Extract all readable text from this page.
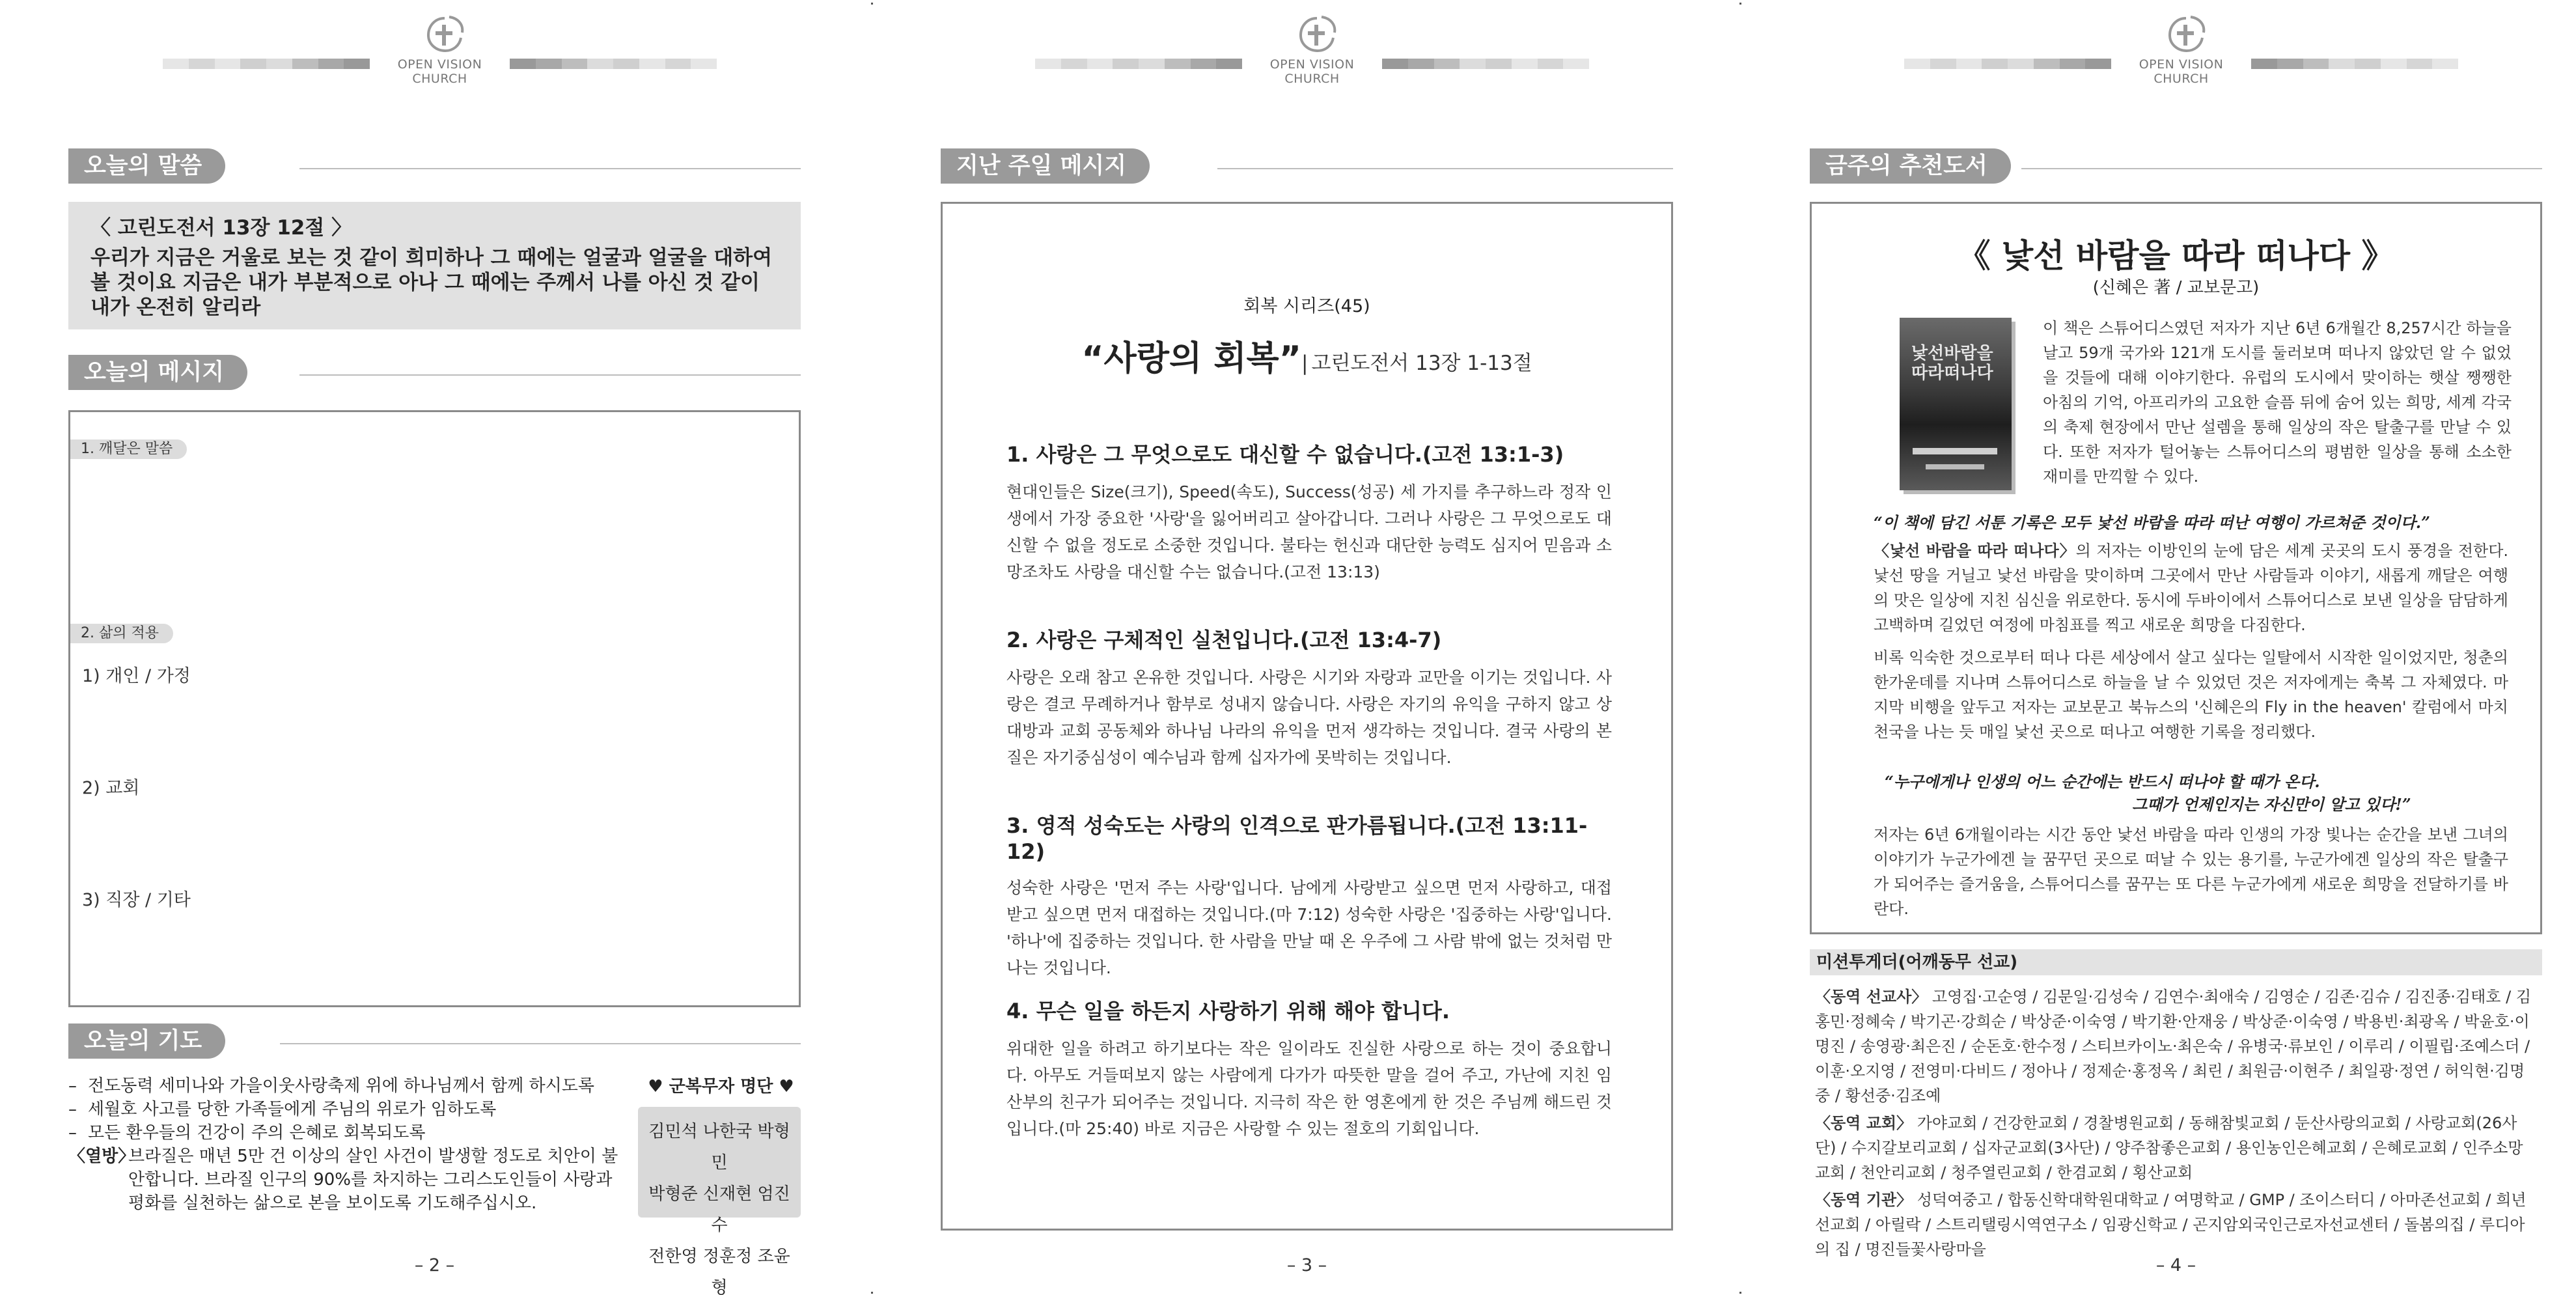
OPEN VISION CHURCH
오늘의 말씀
〈 고린도전서 13장 12절 〉
우리가 지금은 거울로 보는 것 같이 희미하나 그 때에는 얼굴과 얼굴을 대하여
볼 것이요 지금은 내가 부분적으로 아나 그 때에는 주께서 나를 아신 것 같이
내가 온전히 알리라
오늘의 메시지
1. 깨달은 말씀
2. 삶의 적용
1) 개인 / 가정
2) 교회
3) 직장 / 기타
오늘의 기도
– 전도동력 세미나와 가을이웃사랑축제 위에 하나님께서 함께 하시도록
– 세월호 사고를 당한 가족들에게 주님의 위로가 임하도록
– 모든 환우들의 건강이 주의 은혜로 회복되도록
〈열방〉
브라질은 매년 5만 건 이상의 살인 사건이 발생할 정도로 치안이 불안합니다. 브라질 인구의 90%를 차지하는 그리스도인들이 사랑과 평화를 실천하는 삶으로 본을 보이도록 기도해주십시오.
♥ 군복무자 명단 ♥
김민석 나한국 박형민
박형준 신재현 엄진수
전한영 정훈정 조윤형
– 2 –
OPEN VISION CHURCH
지난 주일 메시지
회복 시리즈(45)
“사랑의 회복”| 고린도전서 13장 1-13절
1. 사랑은 그 무엇으로도 대신할 수 없습니다.(고전 13:1-3)

현대인들은 Size(크기), Speed(속도), Success(성공) 세 가지를 추구하느라 정작 인생에서 가장 중요한 '사랑'을 잃어버리고 살아갑니다. 그러나 사랑은 그 무엇으로도 대신할 수 없을 정도로 소중한 것입니다. 불타는 헌신과 대단한 능력도 심지어 믿음과 소망조차도 사랑을 대신할 수는 없습니다.(고전 13:13)

2. 사랑은 구체적인 실천입니다.(고전 13:4-7)

사랑은 오래 참고 온유한 것입니다. 사랑은 시기와 자랑과 교만을 이기는 것입니다. 사랑은 결코 무례하거나 함부로 성내지 않습니다. 사랑은 자기의 유익을 구하지 않고 상대방과 교회 공동체와 하나님 나라의 유익을 먼저 생각하는 것입니다. 결국 사랑의 본질은 자기중심성이 예수님과 함께 십자가에 못박히는 것입니다.

3. 영적 성숙도는 사랑의 인격으로 판가름됩니다.(고전 13:11-12)

성숙한 사랑은 '먼저 주는 사랑'입니다. 남에게 사랑받고 싶으면 먼저 사랑하고, 대접받고 싶으면 먼저 대접하는 것입니다.(마 7:12) 성숙한 사랑은 '집중하는 사랑'입니다. '하나'에 집중하는 것입니다. 한 사람을 만날 때 온 우주에 그 사람 밖에 없는 것처럼 만나는 것입니다.

4. 무슨 일을 하든지 사랑하기 위해 해야 합니다.

위대한 일을 하려고 하기보다는 작은 일이라도 진실한 사랑으로 하는 것이 중요합니다. 아무도 거들떠보지 않는 사람에게 다가가 따뜻한 말을 걸어 주고, 가난에 지친 임산부의 친구가 되어주는 것입니다. 지극히 작은 한 영혼에게 한 것은 주님께 해드린 것입니다.(마 25:40) 바로 지금은 사랑할 수 있는 절호의 기회입니다.

– 3 –
OPEN VISION CHURCH
금주의 추천도서
《 낯선 바람을 따라 떠나다 》
(신혜은 著 / 교보문고)
낯선바람을따라떠나다
이 책은 스튜어디스였던 저자가 지난 6년 6개월간 8,257시간 하늘을 날고 59개 국가와 121개 도시를 둘러보며 떠나지 않았던 알 수 없었을 것들에 대해 이야기한다. 유럽의 도시에서 맞이하는 햇살 쨍쨍한 아침의 기억, 아프리카의 고요한 슬픔 뒤에 숨어 있는 희망, 세계 각국의 축제 현장에서 만난 설렘을 통해 일상의 작은 탈출구를 만날 수 있다. 또한 저자가 털어놓는 스튜어디스의 평범한 일상을 통해 소소한 재미를 만끽할 수 있다.
“이 책에 담긴 서툰 기록은 모두 낯선 바람을 따라 떠난 여행이 가르쳐준 것이다.”
〈낯선 바람을 따라 떠나다〉의 저자는 이방인의 눈에 담은 세계 곳곳의 도시 풍경을 전한다. 낯선 땅을 거닐고 낯선 바람을 맞이하며 그곳에서 만난 사람들과 이야기, 새롭게 깨달은 여행의 맛은 일상에 지친 심신을 위로한다. 동시에 두바이에서 스튜어디스로 보낸 일상을 담담하게 고백하며 길었던 여정에 마침표를 찍고 새로운 희망을 다짐한다.
비록 익숙한 것으로부터 떠나 다른 세상에서 살고 싶다는 일탈에서 시작한 일이었지만, 청춘의 한가운데를 지나며 스튜어디스로 하늘을 날 수 있었던 것은 저자에게는 축복 그 자체였다. 마지막 비행을 앞두고 저자는 교보문고 북뉴스의 '신혜은의 Fly in the heaven' 칼럼에서 마치 천국을 나는 듯 매일 낯선 곳으로 떠나고 여행한 기록을 정리했다.
“누구에게나 인생의 어느 순간에는 반드시 떠나야 할 때가 온다.
그때가 언제인지는 자신만이 알고 있다!”
저자는 6년 6개월이라는 시간 동안 낯선 바람을 따라 인생의 가장 빛나는 순간을 보낸 그녀의 이야기가 누군가에겐 늘 꿈꾸던 곳으로 떠날 수 있는 용기를, 누군가에겐 일상의 작은 탈출구가 되어주는 즐거움을, 스튜어디스를 꿈꾸는 또 다른 누군가에게 새로운 희망을 전달하기를 바란다.
미션투게더(어깨동무 선교)

〈동역 선교사〉 고영집·고순영 / 김문일·김성숙 / 김연수·최애숙 / 김영순 / 김존·김슈 / 김진종·김태호 / 김홍민·정혜숙 / 박기곤·강희순 / 박상준·이숙영 / 박기환·안재웅 / 박상준·이숙영 / 박용빈·최광옥 / 박윤호·이명진 / 송영광·최은진 / 순돈호·한수정 / 스티브카이노·최은숙 / 유병국·류보인 / 이루리 / 이필립·조예스더 / 이훈·오지영 / 전영미·다비드 / 정아나 / 정제순·홍정옥 / 최린 / 최원금·이현주 / 최일광·정연 / 허익현·김명중 / 황선중·김조예

〈동역 교회〉 가야교회 / 건강한교회 / 경찰병원교회 / 동해참빛교회 / 둔산사랑의교회 / 사랑교회(26사단) / 수지갈보리교회 / 십자군교회(3사단) / 양주참좋은교회 / 용인농인은혜교회 / 은혜로교회 / 인주소망교회 / 천안리교회 / 청주열린교회 / 한겸교회 / 횡산교회

〈동역 기관〉 성덕여중고 / 합동신학대학원대학교 / 여명학교 / GMP / 조이스터디 / 아마존선교회 / 희년선교회 / 아릴락 / 스트리탤링시역연구소 / 임광신학교 / 곤지암외국인근로자선교센터 / 돌봄의집 / 루디아의 집 / 명진들꽃사랑마을

– 4 –
